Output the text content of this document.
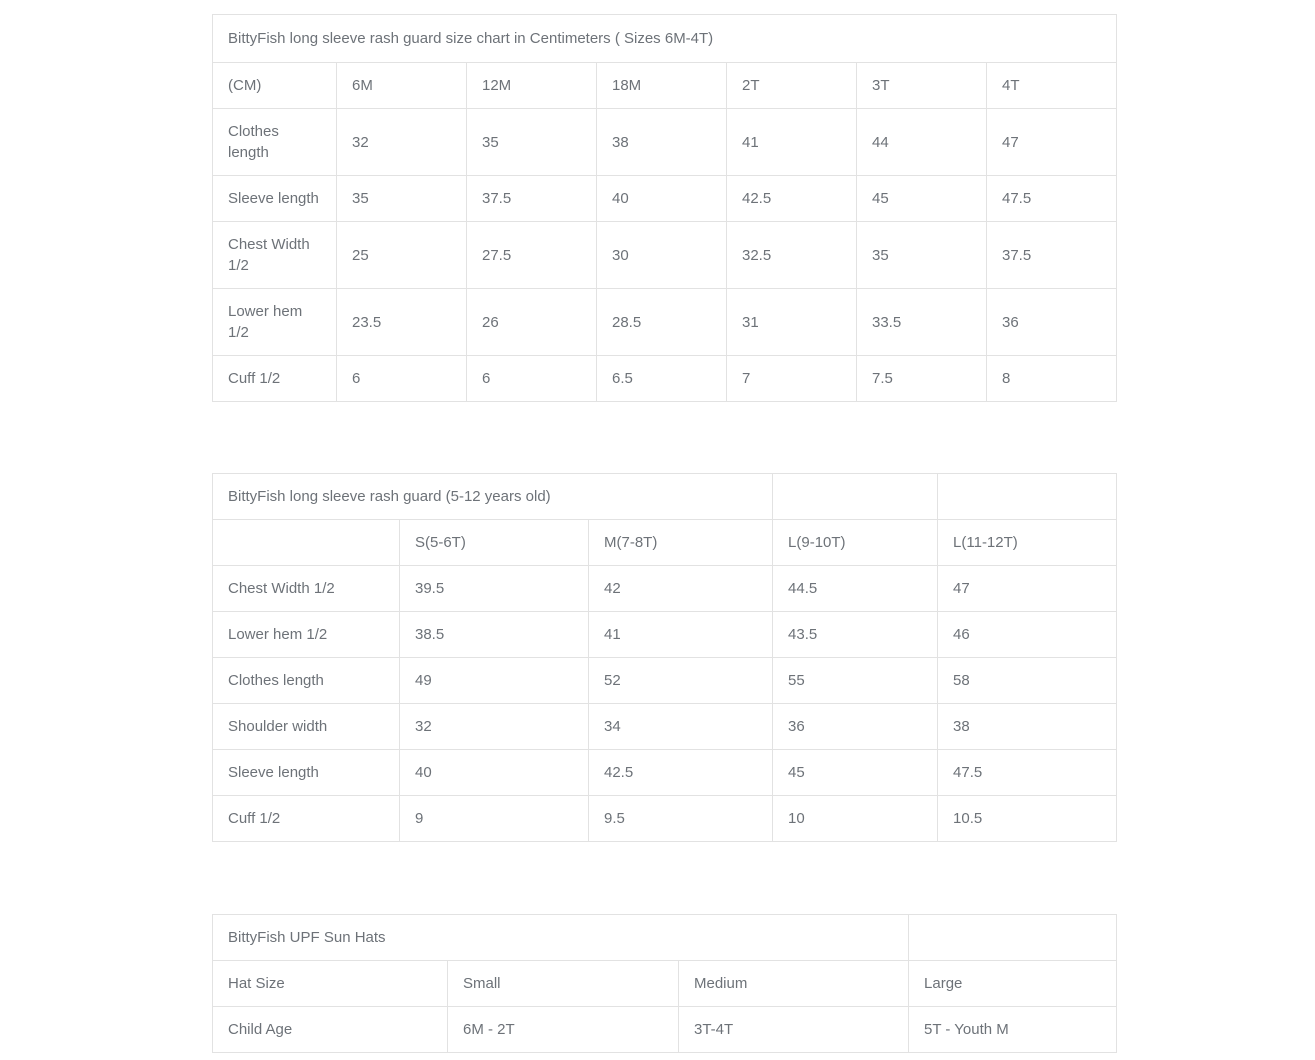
BittyFish long sleeve rash guard size chart in Centimeters ( Sizes 6M-4T)						
(CM)	6M	12M	18M	2T	3T	4T
Clothes length	32	35	38	41	44	47
Sleeve length	35	37.5	40	42.5	45	47.5
Chest Width 1/2	25	27.5	30	32.5	35	37.5
Lower hem 1/2	23.5	26	28.5	31	33.5	36
Cuff 1/2	6	6	6.5	7	7.5	8
BittyFish long sleeve rash guard (5-12 years old)				
	S(5-6T)	M(7-8T)	L(9-10T)	L(11-12T)
Chest Width 1/2	39.5	42	44.5	47
Lower hem 1/2	38.5	41	43.5	46
Clothes length	49	52	55	58
Shoulder width	32	34	36	38
Sleeve length	40	42.5	45	47.5
Cuff 1/2	9	9.5	10	10.5
BittyFish UPF Sun Hats			
Hat Size	Small	Medium	Large
Child Age	6M - 2T	3T-4T	5T - Youth M
